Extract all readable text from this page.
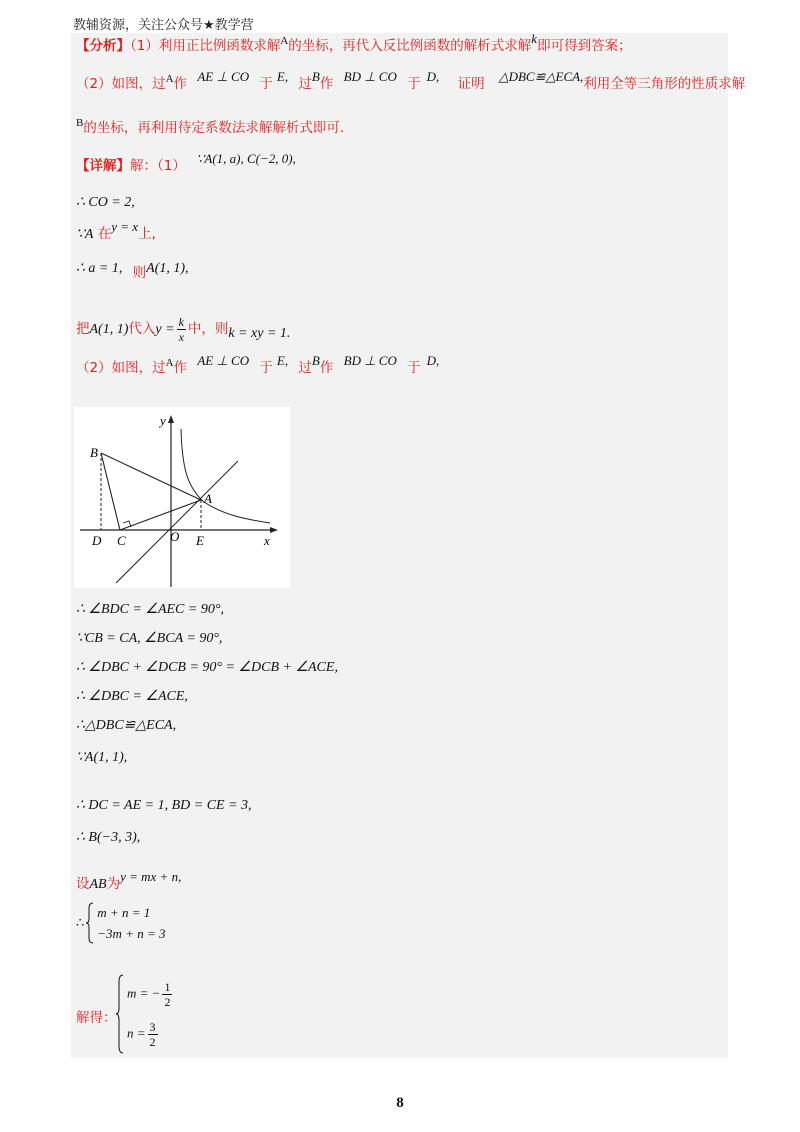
教辅资源，关注公众号★教学营
【分析】（1）利用正比例函数求解$^A$的坐标，再代入反比例函数的解析式求解k即可得到答案；
（2）如图，过$^A$作 AE ⊥ CO 于 E, 过B作 BD ⊥ CO 于 D, 证明 △DBC≌△ECA,利用全等三角形的性质求解
$^B$的坐标，再利用待定系数法求解解析式即可.
【详解】解：（1） ∵A(1, a), C(−2, 0),
∴ CO = 2,
∵A 在y = x上,
∴ a = 1, 则A(1, 1),
把A(1, 1)代入$y = \frac{k}{x}$ 中，则k = xy = 1.
（2）如图，过$^A$作 AE ⊥ CO 于 E, 过B作 BD ⊥ CO 于 D,
y
x
B
A
D C	O E
∴ ∠BDC = ∠AEC = 90°,
∵CB = CA, ∠BCA = 90°,
∴ ∠DBC + ∠DCB = 90° = ∠DCB + ∠ACE,
∴ ∠DBC = ∠ACE,
∴△DBC≌△ECA,
∵A(1, 1),
∴ DC = AE = 1, BD = CE = 3,
∴ B(−3, 3),
设AB为y = mx + n,
∴
m + n = 1
−3m + n = 3
解得：
m = − $\frac{1}{2}$
$n = \frac{3}{2}$
8
